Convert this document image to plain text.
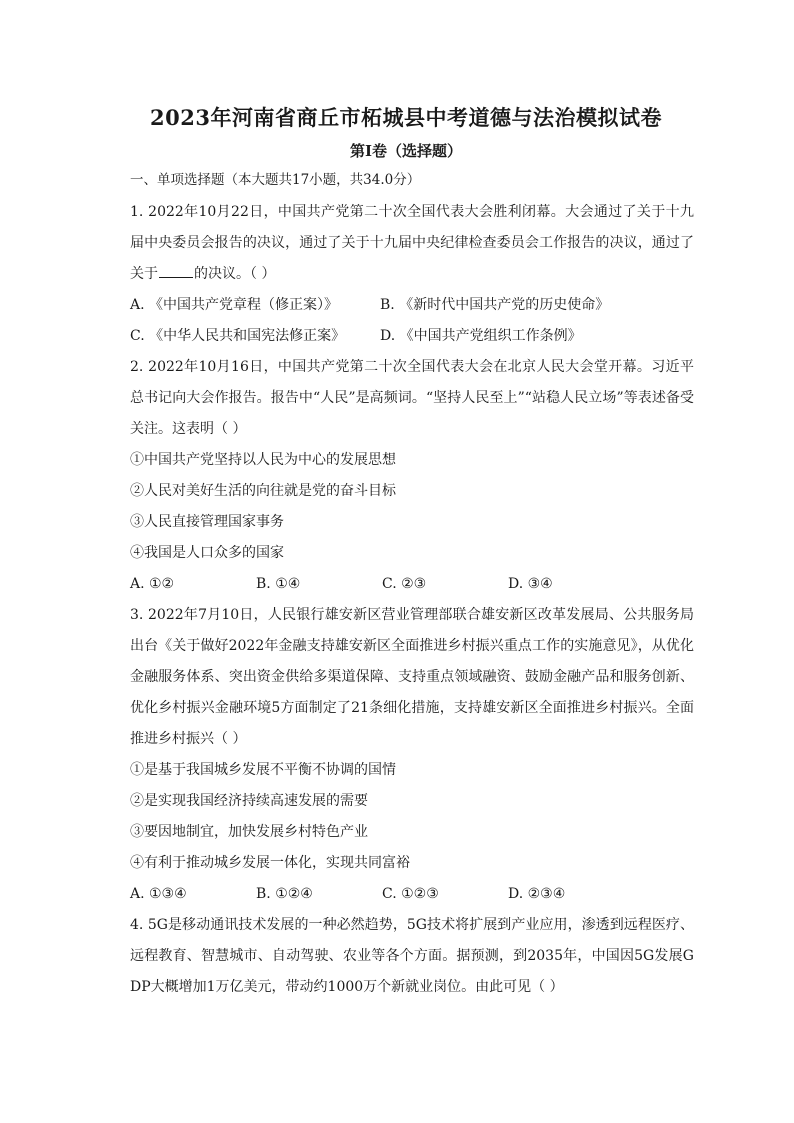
2023年河南省商丘市柘城县中考道德与法治模拟试卷
第I卷（选择题）
一、单项选择题（本大题共17小题，共34.0分）

1. 2022年10月22日，中国共产党第二十次全国代表大会胜利闭幕。大会通过了关于十九届中央委员会报告的决议，通过了关于十九届中央纪律检查委员会工作报告的决议，通过了关于	的决议。（ ）

A. 《中国共产党章程（修正案）》	B. 《新时代中国共产党的历史使命》
C. 《中华人民共和国宪法修正案》	D. 《中国共产党组织工作条例》

2. 2022年10月16日，中国共产党第二十次全国代表大会在北京人民大会堂开幕。习近平总书记向大会作报告。报告中“人民”是高频词。“坚持人民至上”“站稳人民立场”等表述备受关注。这表明（ ）

①中国共产党坚持以人民为中心的发展思想

②人民对美好生活的向往就是党的奋斗目标

③人民直接管理国家事务

④我国是人口众多的国家

A. ①②	B. ①④	C. ②③	D. ③④

3. 2022年7月10日，人民银行雄安新区营业管理部联合雄安新区改革发展局、公共服务局出台《关于做好2022年金融支持雄安新区全面推进乡村振兴重点工作的实施意见》，从优化金融服务体系、突出资金供给多渠道保障、支持重点领域融资、鼓励金融产品和服务创新、优化乡村振兴金融环境5方面制定了21条细化措施，支持雄安新区全面推进乡村振兴。全面推进乡村振兴（ ）

①是基于我国城乡发展不平衡不协调的国情

②是实现我国经济持续高速发展的需要

③要因地制宜，加快发展乡村特色产业

④有利于推动城乡发展一体化，实现共同富裕

A. ①③④	B. ①②④	C. ①②③	D. ②③④

4. 5G是移动通讯技术发展的一种必然趋势，5G技术将扩展到产业应用，渗透到远程医疗、远程教育、智慧城市、自动驾驶、农业等各个方面。据预测，到2035年，中国因5G发展GDP大概增加1万亿美元，带动约1000万个新就业岗位。由此可见（ ）
